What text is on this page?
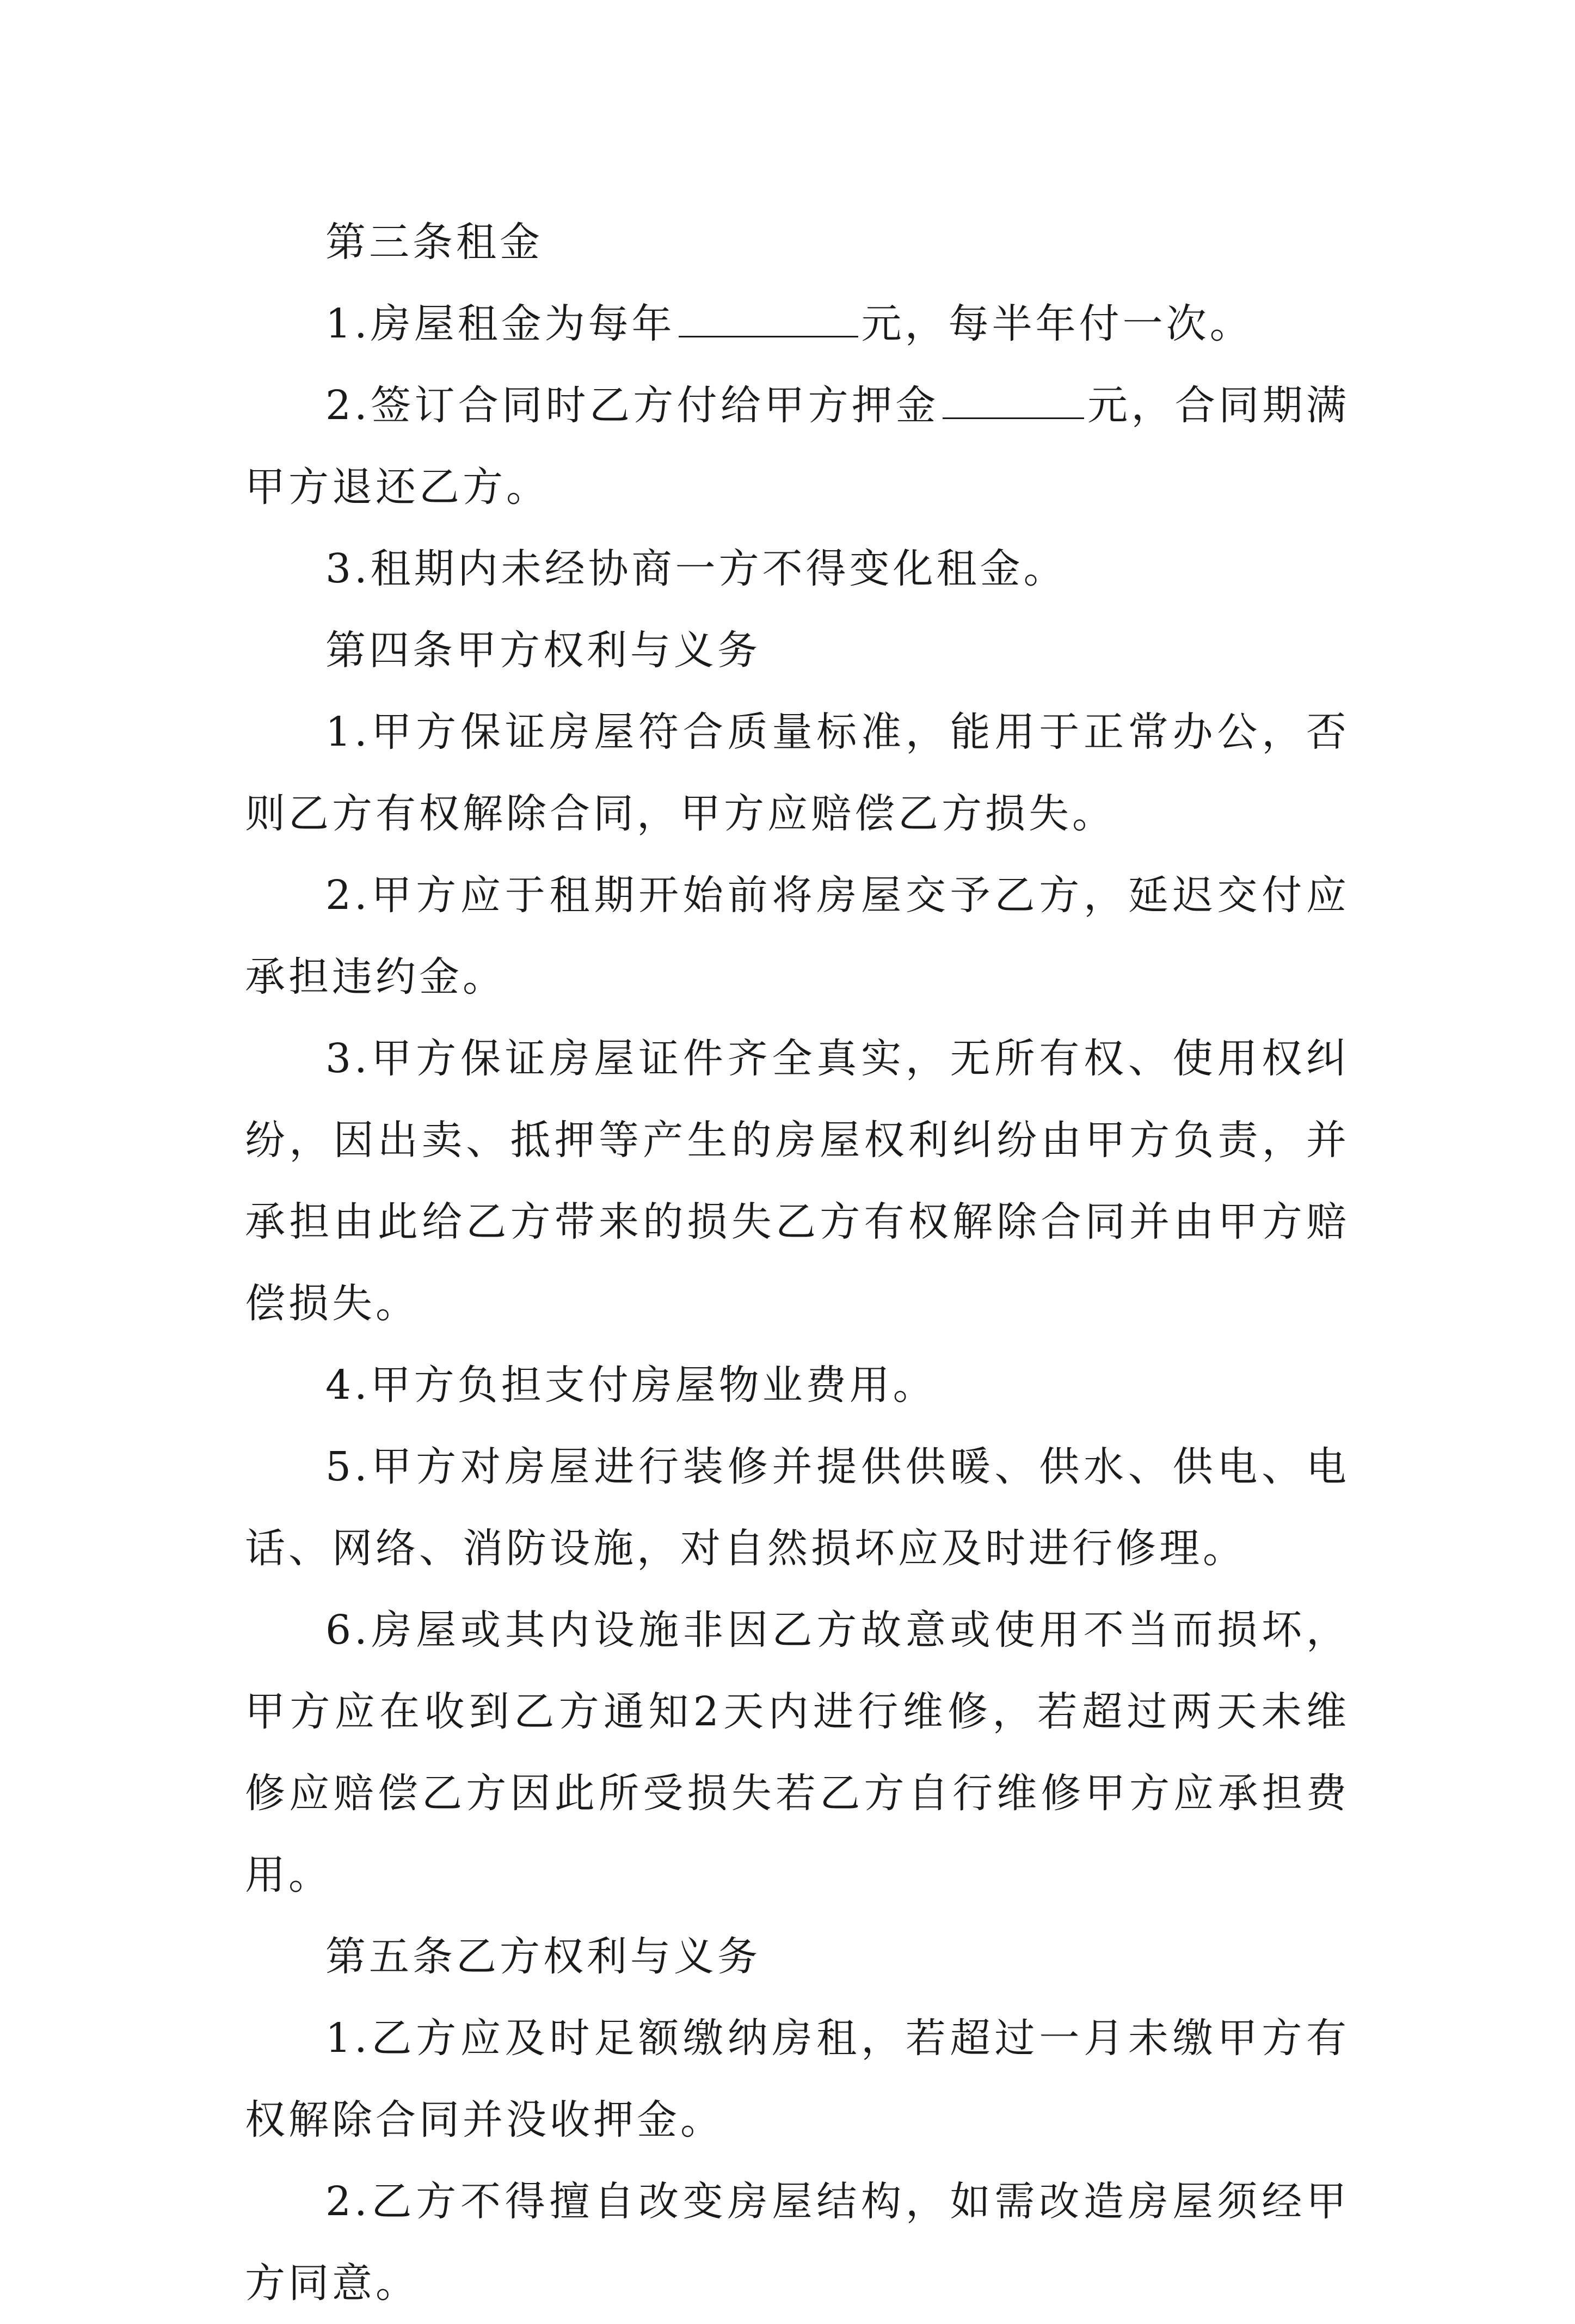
第三条租金

1.房屋租金为每年	元，每半年付一次。

2.签订合同时乙方付给甲方押金	元，合同期满甲方退还乙方。

3.租期内未经协商一方不得变化租金。

第四条甲方权利与义务

1.甲方保证房屋符合质量标准，能用于正常办公，否则乙方有权解除合同，甲方应赔偿乙方损失。

2.甲方应于租期开始前将房屋交予乙方，延迟交付应承担违约金。

3.甲方保证房屋证件齐全真实，无所有权、使用权纠纷，因出卖、抵押等产生的房屋权利纠纷由甲方负责，并承担由此给乙方带来的损失乙方有权解除合同并由甲方赔偿损失。

4.甲方负担支付房屋物业费用。

5.甲方对房屋进行装修并提供供暖、供水、供电、电话、网络、消防设施，对自然损坏应及时进行修理。

6.房屋或其内设施非因乙方故意或使用不当而损坏，甲方应在收到乙方通知2天内进行维修，若超过两天未维修应赔偿乙方因此所受损失若乙方自行维修甲方应承担费用。

第五条乙方权利与义务

1.乙方应及时足额缴纳房租，若超过一月未缴甲方有权解除合同并没收押金。

2.乙方不得擅自改变房屋结构，如需改造房屋须经甲方同意。
